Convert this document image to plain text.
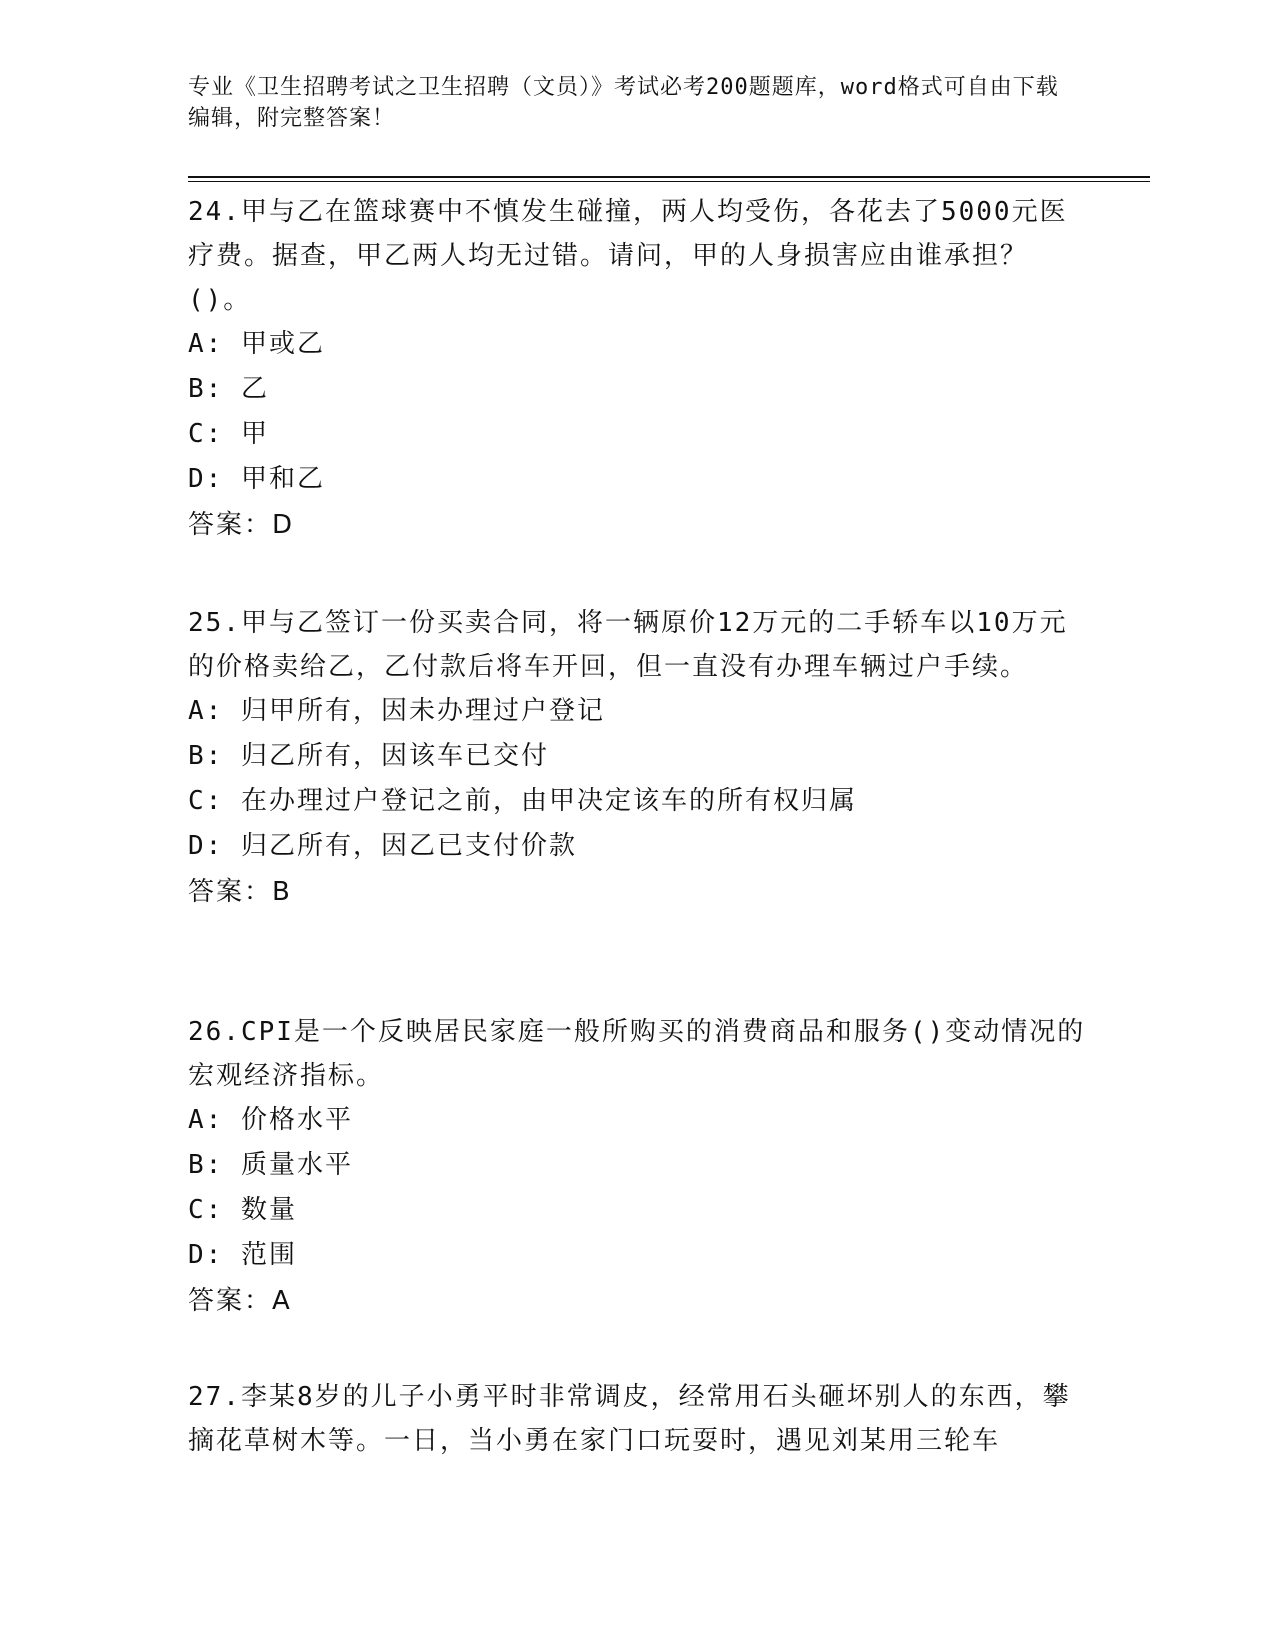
专业《卫生招聘考试之卫生招聘（文员）》考试必考200题题库，word格式可自由下载编辑，附完整答案！

24.甲与乙在篮球赛中不慎发生碰撞，两人均受伤，各花去了5000元医疗费。据查，甲乙两人均无过错。请问，甲的人身损害应由谁承担？()。

A: 甲或乙
B: 乙
C: 甲
D: 甲和乙
答案：D

25.甲与乙签订一份买卖合同，将一辆原价12万元的二手轿车以10万元的价格卖给乙，乙付款后将车开回，但一直没有办理车辆过户手续。

A: 归甲所有，因未办理过户登记
B: 归乙所有，因该车已交付
C: 在办理过户登记之前，由甲决定该车的所有权归属
D: 归乙所有，因乙已支付价款
答案：B

26.CPI是一个反映居民家庭一般所购买的消费商品和服务()变动情况的宏观经济指标。

A: 价格水平
B: 质量水平
C: 数量
D: 范围
答案：A

27.李某8岁的儿子小勇平时非常调皮，经常用石头砸坏别人的东西，攀摘花草树木等。一日，当小勇在家门口玩耍时，遇见刘某用三轮车
